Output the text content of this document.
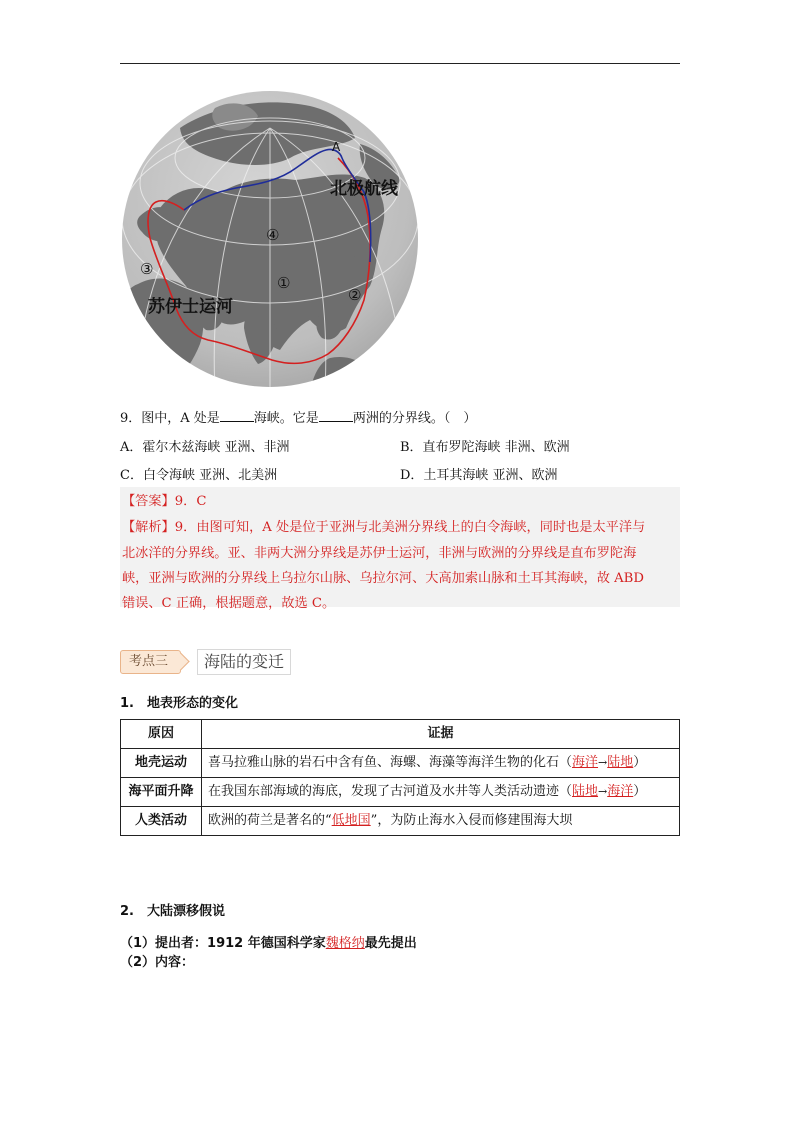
A
北极航线
苏伊士运河
①
②
③
④
9．图中，A 处是	海峡。它是	两洲的分界线。（　）
A．霍尔木兹海峡 亚洲、非洲	B．直布罗陀海峡 非洲、欧洲
C．白令海峡 亚洲、北美洲	D．土耳其海峡 亚洲、欧洲
【答案】9．C
【解析】9．由图可知，A 处是位于亚洲与北美洲分界线上的白令海峡，同时也是太平洋与
北冰洋的分界线。亚、非两大洲分界线是苏伊士运河，非洲与欧洲的分界线是直布罗陀海
峡，亚洲与欧洲的分界线上乌拉尔山脉、乌拉尔河、大高加索山脉和土耳其海峡，故 ABD
错误、C 正确，根据题意，故选 C。
考点三	海陆的变迁
1.　地表形态的变化
原因	证据
地壳运动	喜马拉雅山脉的岩石中含有鱼、海螺、海藻等海洋生物的化石（海洋→陆地）
海平面升降	在我国东部海域的海底，发现了古河道及水井等人类活动遗迹（陆地→海洋）
人类活动	欧洲的荷兰是著名的“低地国”，为防止海水入侵而修建围海大坝
2.　大陆漂移假说
（1）提出者：1912 年德国科学家魏格纳最先提出
（2）内容：
